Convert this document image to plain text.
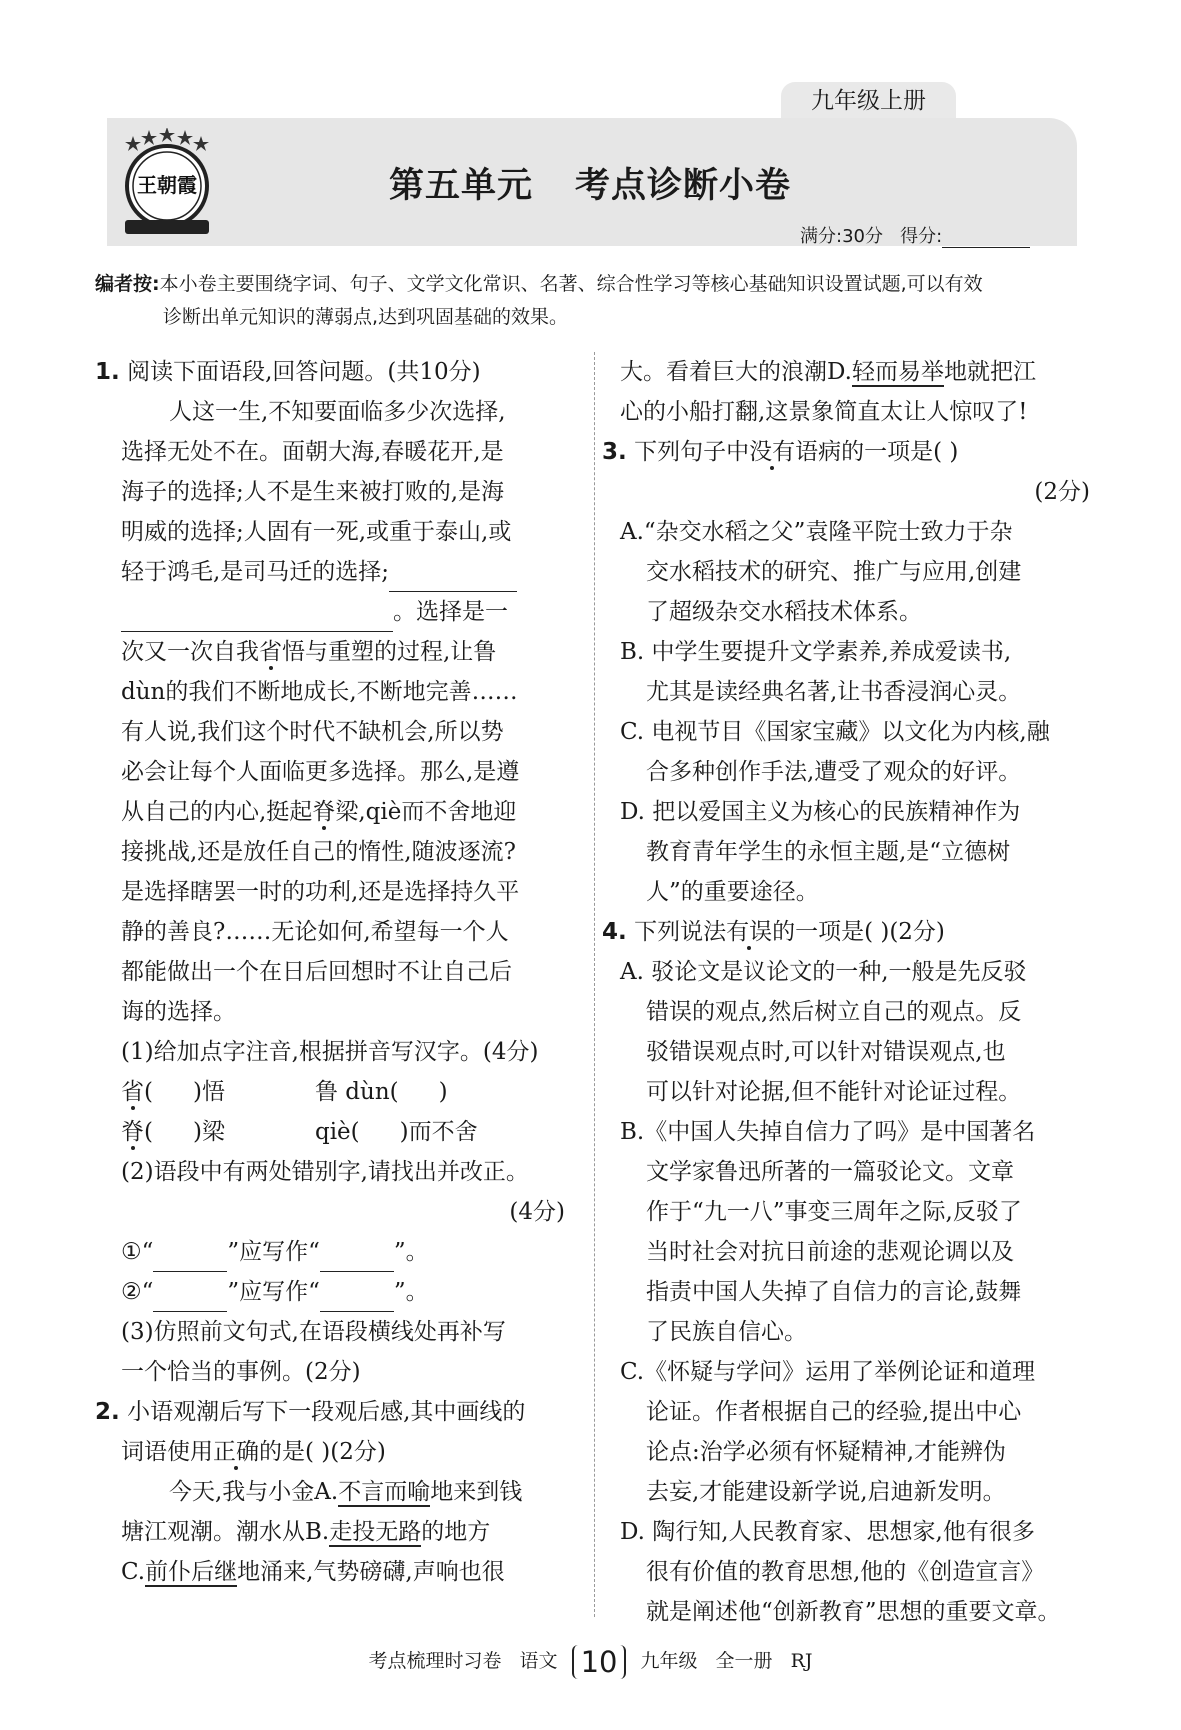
九年级上册
王朝霞	第五单元 考点诊断小卷
满分:30分 得分:
编者按:本小卷主要围绕字词、句子、文学文化常识、名著、综合性学习等核心基础知识设置试题,可以有效
诊断出单元知识的薄弱点,达到巩固基础的效果。
1. 阅读下面语段,回答问题。(共10分)
人这一生,不知要面临多少次选择,
选择无处不在。面朝大海,春暖花开,是
海子的选择;人不是生来被打败的,是海
明威的选择;人固有一死,或重于泰山,或
轻于鸿毛,是司马迁的选择;
。选择是一
次又一次自我省悟与重塑的过程,让鲁
dùn的我们不断地成长,不断地完善……
有人说,我们这个时代不缺机会,所以势
必会让每个人面临更多选择。那么,是遵
从自己的内心,挺起脊梁,qiè而不舍地迎
接挑战,还是放任自己的惰性,随波逐流?
是选择瞎罢一时的功利,还是选择持久平
静的善良?……无论如何,希望每一个人
都能做出一个在日后回想时不让自己后
诲的选择。
(1)给加点字注音,根据拼音写汉字。(4分)
省( )悟	鲁 dùn( )
脊( )梁	qiè( )而不舍
(2)语段中有两处错别字,请找出并改正。
(4分)
①“	”应写作“	”。
②“	”应写作“	”。
(3)仿照前文句式,在语段横线处再补写
一个恰当的事例。(2分)
2. 小语观潮后写下一段观后感,其中画线的
词语使用正确的是( )(2分)
今天,我与小金A.不言而喻地来到钱
塘江观潮。潮水从B.走投无路的地方
C.前仆后继地涌来,气势磅礴,声响也很
大。看着巨大的浪潮D.轻而易举地就把江
心的小船打翻,这景象简直太让人惊叹了!
3. 下列句子中没有语病的一项是( )
(2分)
A.“杂交水稻之父”袁隆平院士致力于杂
交水稻技术的研究、推广与应用,创建
了超级杂交水稻技术体系。
B. 中学生要提升文学素养,养成爱读书,
尤其是读经典名著,让书香浸润心灵。
C. 电视节目《国家宝藏》以文化为内核,融
合多种创作手法,遭受了观众的好评。
D. 把以爱国主义为核心的民族精神作为
教育青年学生的永恒主题,是“立德树
人”的重要途径。
4. 下列说法有误的一项是( )(2分)
A. 驳论文是议论文的一种,一般是先反驳
错误的观点,然后树立自己的观点。反
驳错误观点时,可以针对错误观点,也
可以针对论据,但不能针对论证过程。
B.《中国人失掉自信力了吗》是中国著名
文学家鲁迅所著的一篇驳论文。文章
作于“九一八”事变三周年之际,反驳了
当时社会对抗日前途的悲观论调以及
指责中国人失掉了自信力的言论,鼓舞
了民族自信心。
C.《怀疑与学问》运用了举例论证和道理
论证。作者根据自己的经验,提出中心
论点:治学必须有怀疑精神,才能辨伪
去妄,才能建设新学说,启迪新发明。
D. 陶行知,人民教育家、思想家,他有很多
很有价值的教育思想,他的《创造宣言》
就是阐述他“创新教育”思想的重要文章。
考点梳理时习卷 语文 10 九年级 全一册 RJ
